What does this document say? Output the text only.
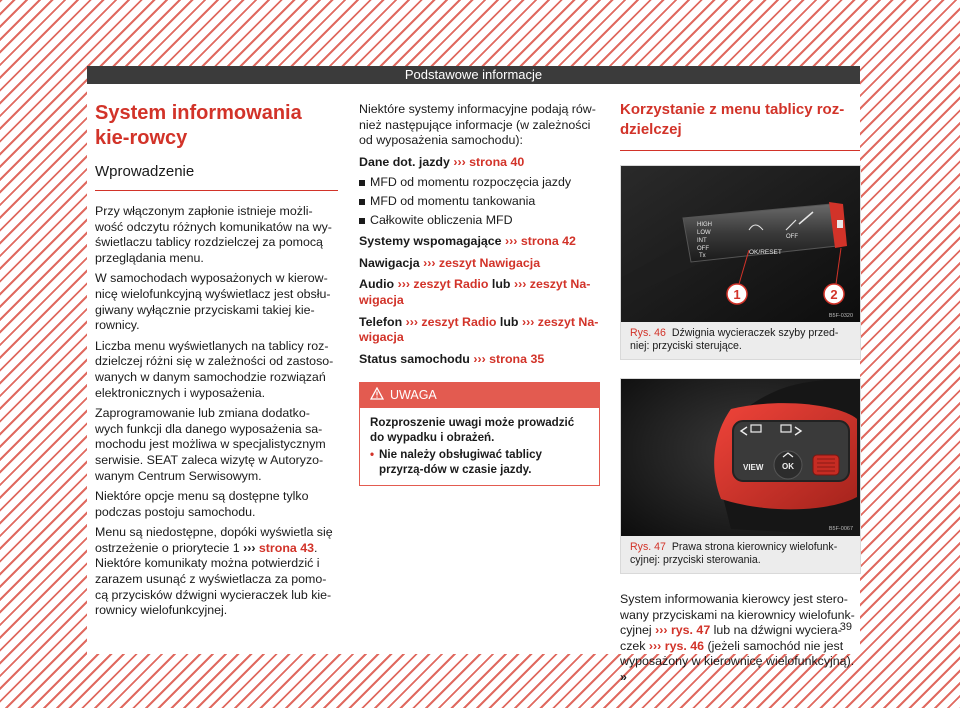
Podstawowe informacje
System informowania kie-rowcy
Wprowadzenie

Przy włączonym zapłonie istnieje możli-wość odczytu różnych komunikatów na wy-świetlaczu tablicy rozdzielczej za pomocą przeglądania menu.

W samochodach wyposażonych w kierow-nicę wielofunkcyjną wyświetlacz jest obsłu-giwany wyłącznie przyciskami takiej kie-rownicy.

Liczba menu wyświetlanych na tablicy roz-dzielczej różni się w zależności od zastoso-wanych w danym samochodzie rozwiązań elektronicznych i wyposażenia.

Zaprogramowanie lub zmiana dodatko-wych funkcji dla danego wyposażenia sa-mochodu jest możliwa w specjalistycznym serwisie. SEAT zaleca wizytę w Autoryzo-wanym Centrum Serwisowym.

Niektóre opcje menu są dostępne tylko podczas postoju samochodu.

Menu są niedostępne, dopóki wyświetla się ostrzeżenie o priorytecie 1 ››› strona 43. Niektóre komunikaty można potwierdzić i zarazem usunąć z wyświetlacza za pomo-cą przycisków dźwigni wycieraczek lub kie-rownicy wielofunkcyjnej.

Niektóre systemy informacyjne podają rów-nież następujące informacje (w zależności od wyposażenia samochodu):

Dane dot. jazdy ››› strona 40

MFD od momentu rozpoczęcia jazdy
MFD od momentu tankowania
Całkowite obliczenia MFD

Systemy wspomagające ››› strona 42

Nawigacja ››› zeszyt Nawigacja

Audio ››› zeszyt Radio lub ››› zeszyt Na-wigacja

Telefon ››› zeszyt Radio lub ››› zeszyt Na-wigacja

Status samochodu ››› strona 35

UWAGA
Rozproszenie uwagi może prowadzić do wypadku i obrażeń.
• Nie należy obsługiwać tablicy przyrzą-dów w czasie jazdy.
Korzystanie z menu tablicy roz-dzielczej
HIGH
LOW
INT
OFF
Tx	OK/RESET
OFF
1	2
B5F-0320
Rys. 46 Dźwignia wycieraczek szyby przed-niej: przyciski sterujące.
OK
VIEW
B5F-0067
Rys. 47 Prawa strona kierownicy wielofunk-cyjnej: przyciski sterowania.

System informowania kierowcy jest stero-wany przyciskami na kierownicy wielofunk-cyjnej ››› rys. 47 lub na dźwigni wyciera-czek ››› rys. 46 (jeżeli samochód nie jest wyposażony w kierownicę wielofunkcyjną). »

39
